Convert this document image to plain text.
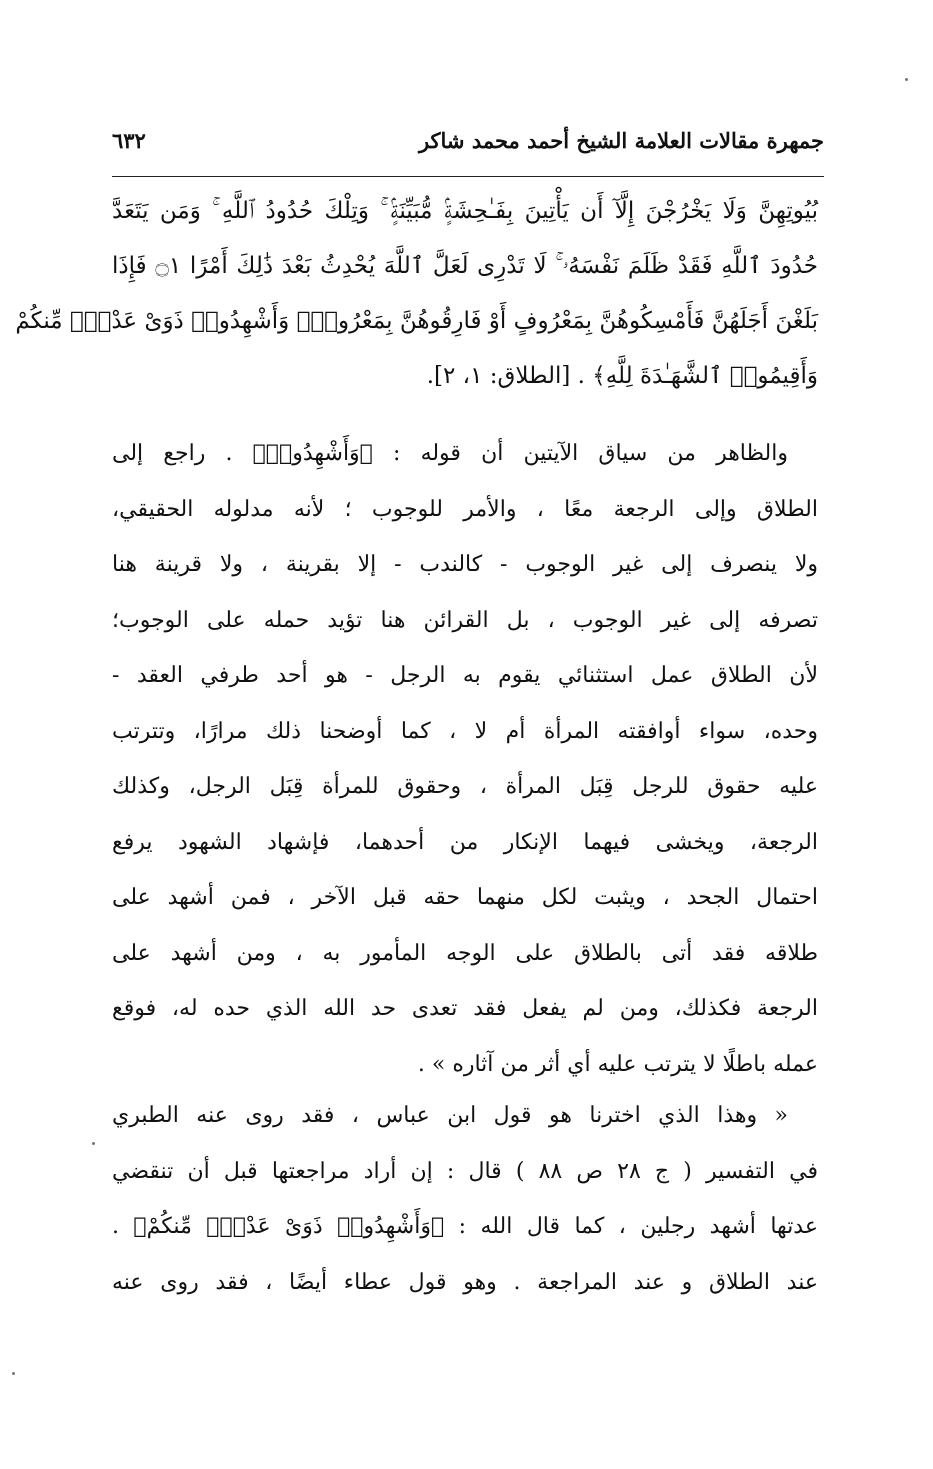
جمهرة مقالات العلامة الشيخ أحمد محمد شاكر
٦٣٢
بُيُوتِهِنَّ وَلَا يَخْرُجْنَ إِلَّآ أَن يَأْتِينَ بِفَـٰحِشَةٍۢ مُّبَيِّنَةٍۢ ۚ وَتِلْكَ حُدُودُ ٱللَّهِ ۚ وَمَن يَتَعَدَّ
حُدُودَ ٱللَّهِ فَقَدْ ظَلَمَ نَفْسَهُۥ ۚ لَا تَدْرِى لَعَلَّ ٱللَّهَ يُحْدِثُ بَعْدَ ذَٰلِكَ أَمْرًا ۝١ فَإِذَا
بَلَغْنَ أَجَلَهُنَّ فَأَمْسِكُوهُنَّ بِمَعْرُوفٍ أَوْ فَارِقُوهُنَّ بِمَعْرُوفٍۢ وَأَشْهِدُوا۟ ذَوَىْ عَدْلٍۢ مِّنكُمْ
وَأَقِيمُوا۟ ٱلشَّهَـٰدَةَ لِلَّهِ﴾ . [الطلاق: ١، ٢].
والظاهر من سياق الآيتين أن قوله : ﴿وَأَشْهِدُوا۟﴾ . راجع إلى
الطلاق وإلى الرجعة معًا ، والأمر للوجوب ؛ لأنه مدلوله الحقيقي،
ولا ينصرف إلى غير الوجوب - كالندب - إلا بقرينة ، ولا قرينة هنا
تصرفه إلى غير الوجوب ، بل القرائن هنا تؤيد حمله على الوجوب؛
لأن الطلاق عمل استثنائي يقوم به الرجل - هو أحد طرفي العقد -
وحده، سواء أوافقته المرأة أم لا ، كما أوضحنا ذلك مرارًا، وتترتب
عليه حقوق للرجل قِبَل المرأة ، وحقوق للمرأة قِبَل الرجل، وكذلك
الرجعة، ويخشى فيهما الإنكار من أحدهما، فإشهاد الشهود يرفع
احتمال الجحد ، ويثبت لكل منهما حقه قبل الآخر ، فمن أشهد على
طلاقه فقد أتى بالطلاق على الوجه المأمور به ، ومن أشهد على
الرجعة فكذلك، ومن لم يفعل فقد تعدى حد الله الذي حده له، فوقع
عمله باطلًا لا يترتب عليه أي أثر من آثاره » .
« وهذا الذي اخترنا هو قول ابن عباس ، فقد روى عنه الطبري
في التفسير ( ج ٢٨ ص ٨٨ ) قال : إن أراد مراجعتها قبل أن تنقضي
عدتها أشهد رجلين ، كما قال الله : ﴿وَأَشْهِدُوا۟ ذَوَىْ عَدْلٍۢ مِّنكُمْ﴾ .
عند الطلاق و عند المراجعة . وهو قول عطاء أيضًا ، فقد روى عنه
